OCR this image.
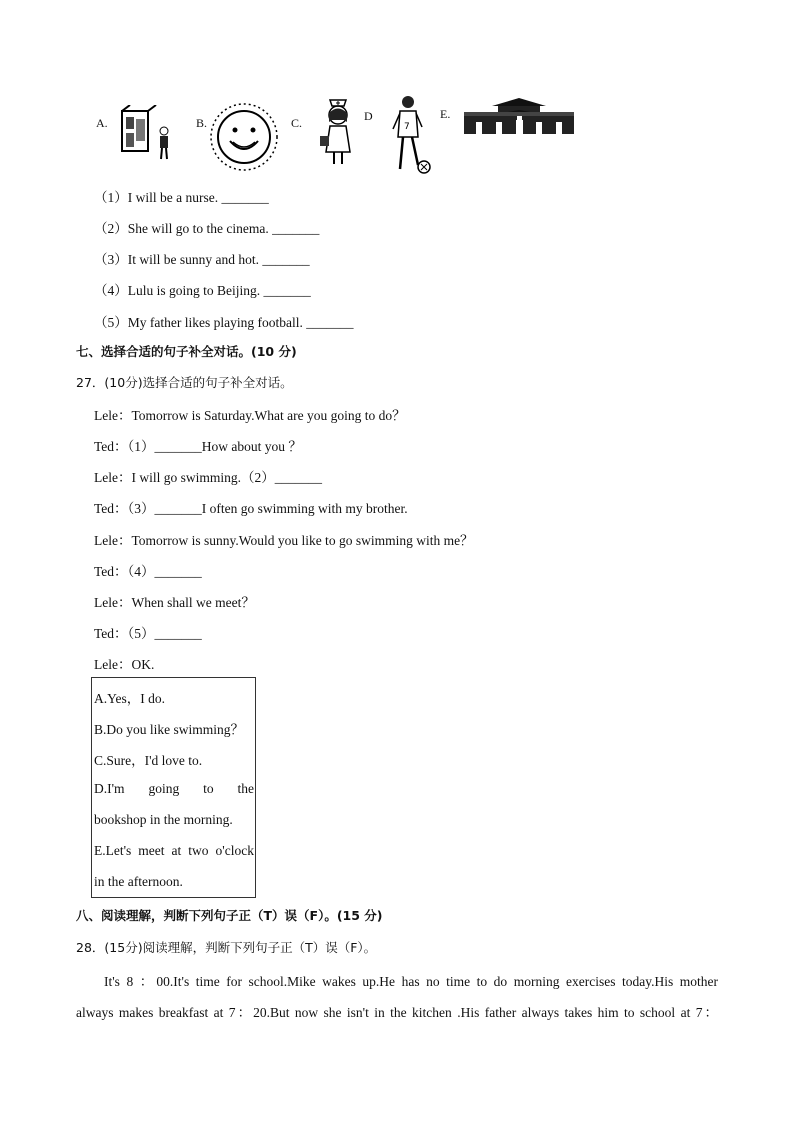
A.	B.	C.	D
7
E.
（1）I will be a nurse. _______
（2）She will go to the cinema. _______
（3）It will be sunny and hot. _______
（4）Lulu is going to Beijing. _______
（5）My father likes playing football. _______
七、选择合适的句子补全对话。(10 分)
27．(10分)选择合适的句子补全对话。
Lele：Tomorrow is Saturday.What are you going to do？
Ted：（1）_______How about you ？
Lele：I will go swimming.（2）_______
Ted：（3）_______I often go swimming with my brother.
Lele：Tomorrow is sunny.Would you like to go swimming with me？
Ted：（4）_______
Lele：When shall we meet？
Ted：（5）_______
Lele：OK.
A.Yes，I do.
B.Do you like swimming？
C.Sure，I'd love to.
D.I'm going to the
bookshop in the morning.
E.Let's meet at two o'clock
in the afternoon.
八、阅读理解，判断下列句子正（T）误（F）。(15 分)
28．(15分)阅读理解，判断下列句子正（T）误（F）。
It's 8 ：00.It's time for school.Mike wakes up.He has no time to do morning exercises today.His mother
always makes breakfast at 7：20.But now she isn't in the kitchen .His father always takes him to school at 7：
